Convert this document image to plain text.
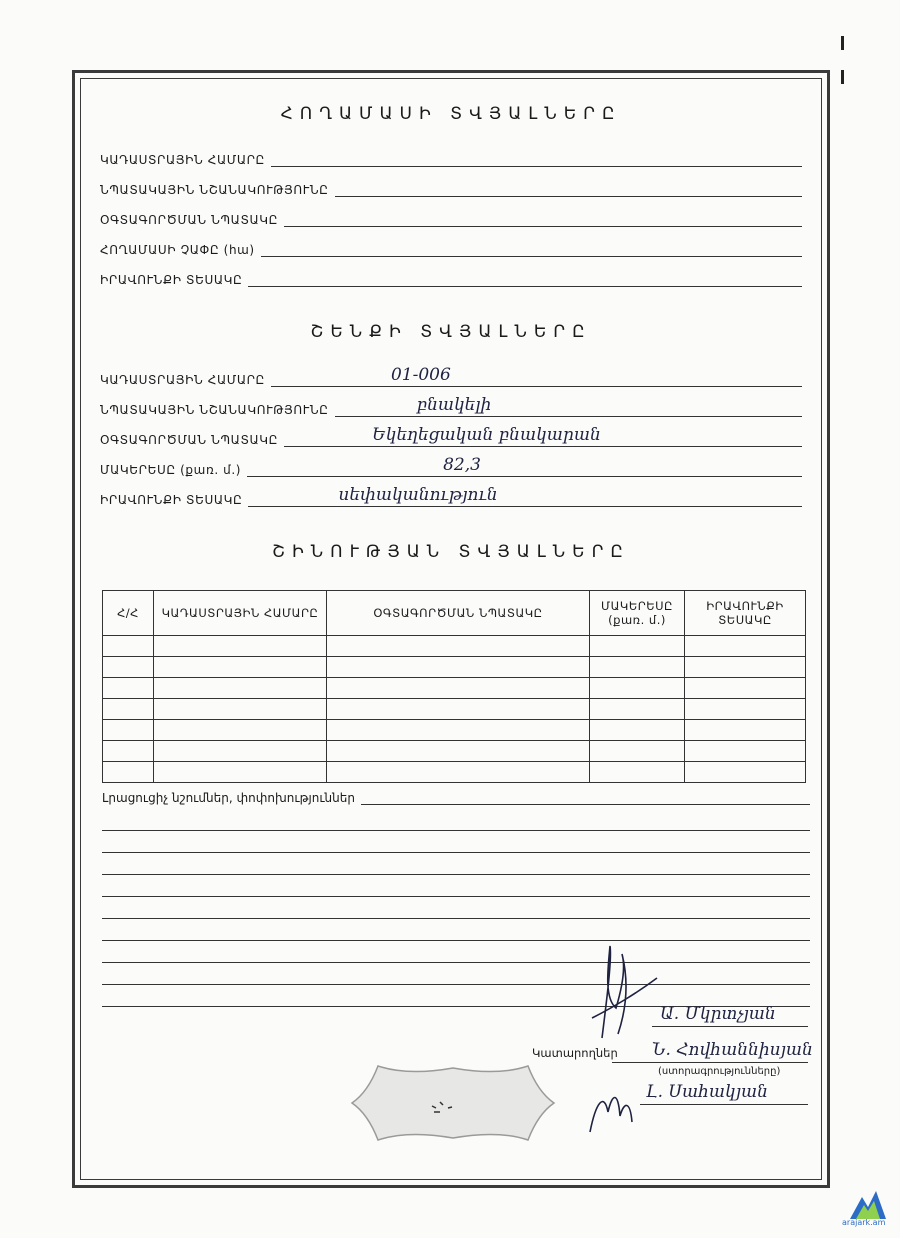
ՀՈՂԱՄԱՍԻ ՏՎՅԱԼՆԵՐԸ
ԿԱԴԱՍՏՐԱՅԻՆ ՀԱՄԱՐԸ
ՆՊԱՏԱԿԱՅԻՆ ՆՇԱՆԱԿՈՒԹՅՈՒՆԸ
ՕԳՏԱԳՈՐԾՄԱՆ ՆՊԱՏԱԿԸ
ՀՈՂԱՄԱՍԻ ՉԱՓԸ (հա)
ԻՐԱՎՈՒՆՔԻ ՏԵՍԱԿԸ
ՇԵՆՔԻ ՏՎՅԱԼՆԵՐԸ
ԿԱԴԱՍՏՐԱՅԻՆ ՀԱՄԱՐԸ	01-006
ՆՊԱՏԱԿԱՅԻՆ ՆՇԱՆԱԿՈՒԹՅՈՒՆԸ	բնակելի
ՕԳՏԱԳՈՐԾՄԱՆ ՆՊԱՏԱԿԸ	Եկեղեցական բնակարան
ՄԱԿԵՐԵՍԸ (քառ. մ.)	82,3
ԻՐԱՎՈՒՆՔԻ ՏԵՍԱԿԸ	սեփականություն
ՇԻՆՈՒԹՅԱՆ ՏՎՅԱԼՆԵՐԸ
Հ/Հ	ԿԱԴԱՍՏՐԱՅԻՆ ՀԱՄԱՐԸ	ՕԳՏԱԳՈՐԾՄԱՆ ՆՊԱՏԱԿԸ	ՄԱԿԵՐԵՍԸ (քառ. մ.)	ԻՐԱՎՈՒՆՔԻ ՏԵՍԱԿԸ

Լրացուցիչ նշումներ, փոփոխություններ
Ա. Մկրտչյան
Կատարողներ Ն. Հովհաննիսյան
(ստորագրությունները)
Լ. Սահակյան
arajark.am
